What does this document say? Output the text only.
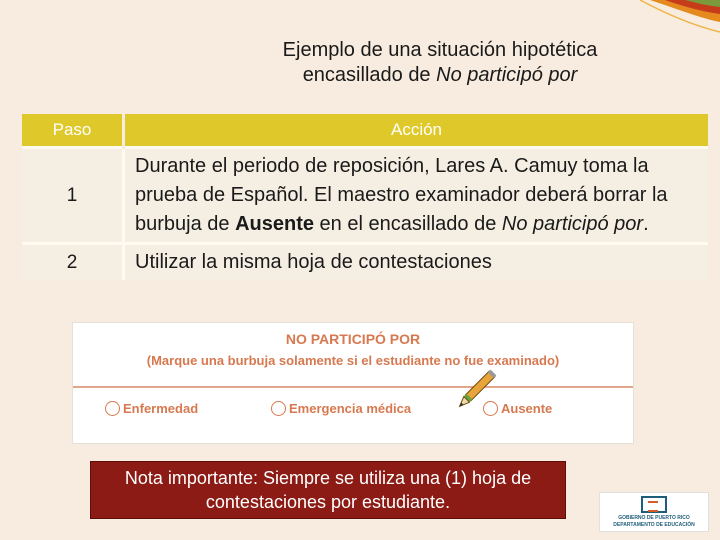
Ejemplo de una situación hipotética
encasillado de No participó por
Paso	Acción
1	Durante el periodo de reposición, Lares A. Camuy toma la prueba de Español. El maestro examinador deberá borrar la burbuja de Ausente en el encasillado de No participó por.
2	Utilizar la misma hoja de contestaciones
NO PARTICIPÓ POR
(Marque una burbuja solamente si el estudiante no fue examinado)
Enfermedad	Emergencia médica	Ausente
Nota importante: Siempre se utiliza una (1) hoja de contestaciones por estudiante.
GOBIERNO DE PUERTO RICO
DEPARTAMENTO DE EDUCACIÓN
